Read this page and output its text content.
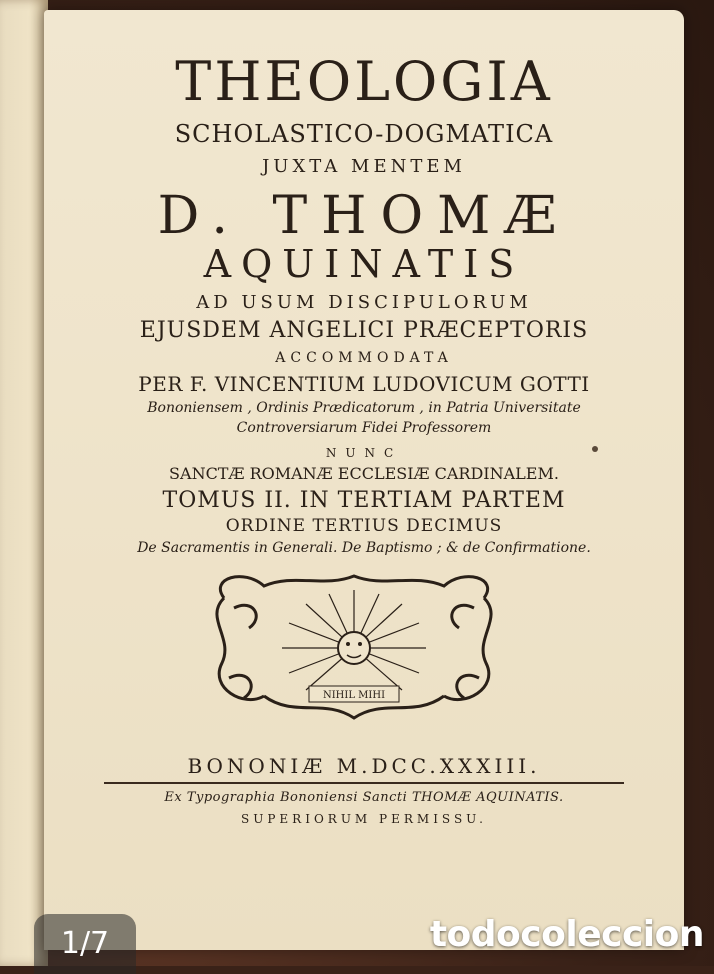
THEOLOGIA
SCHOLASTICO-DOGMATICA
JUXTA MENTEM
D. THOMÆ
AQUINATIS
AD USUM DISCIPULORUM
EJUSDEM ANGELICI PRÆCEPTORIS
ACCOMMODATA
PER F. VINCENTIUM LUDOVICUM GOTTI
Bononiensem , Ordinis Prædicatorum , in Patria Universitate
Controversiarum Fidei Professorem
NUNC
SANCTÆ ROMANÆ ECCLESIÆ CARDINALEM.
TOMUS II. IN TERTIAM PARTEM
ORDINE TERTIUS DECIMUS
De Sacramentis in Generali. De Baptismo ; & de Confirmatione.
NIHIL MIHI
BONONIÆ M.DCC.XXXIII.
Ex Typographia Bononiensi Sancti THOMÆ AQUINATIS.
SUPERIORUM PERMISSU.
1/7	todocoleccion
